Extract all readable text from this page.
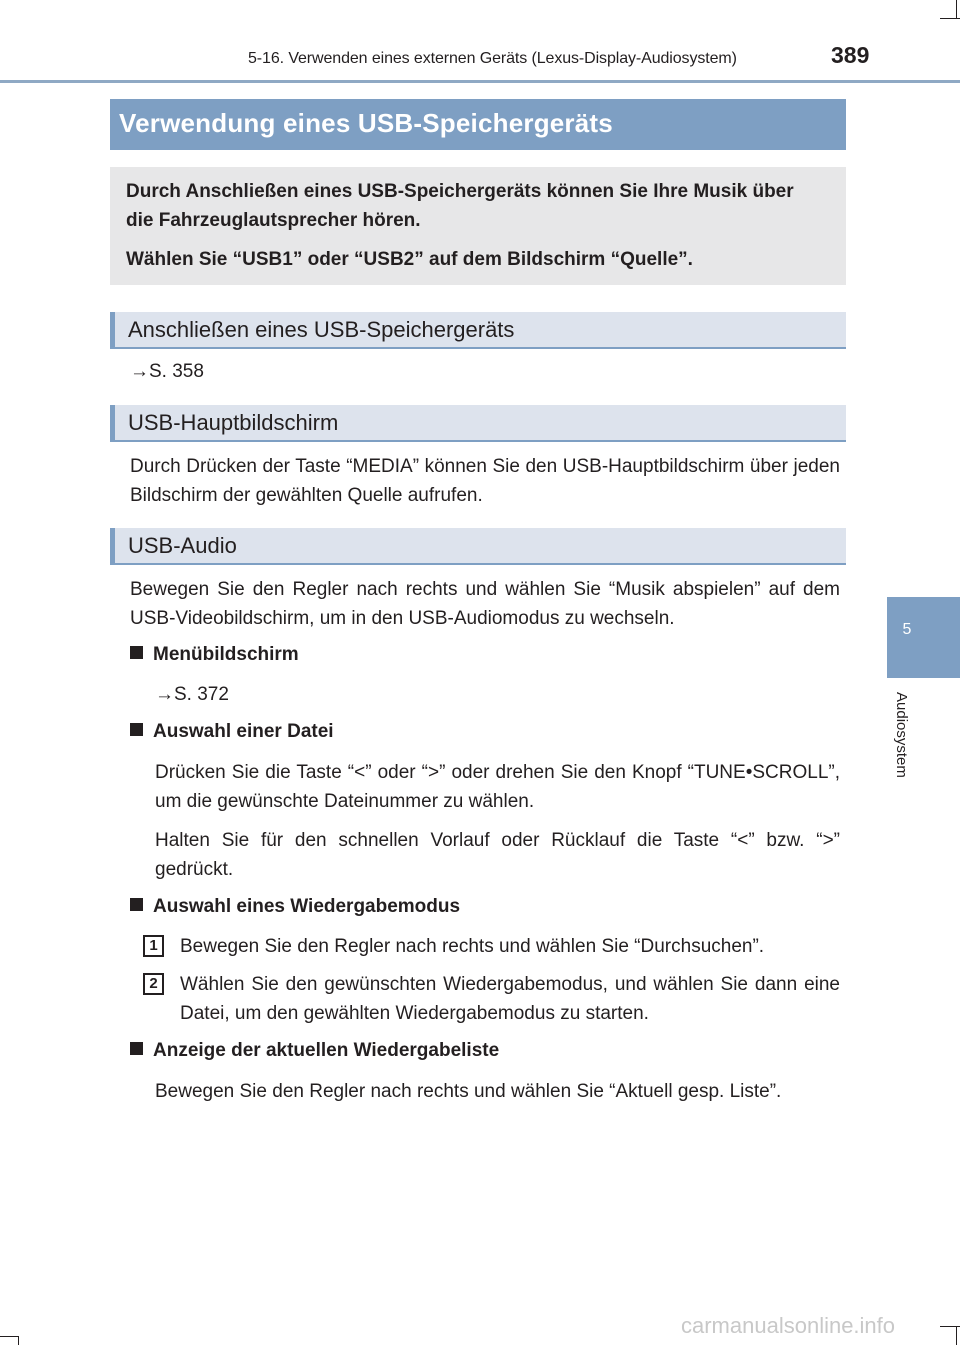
5-16. Verwenden eines externen Geräts (Lexus-Display-Audiosystem)	389
5
Audiosystem
Verwendung eines USB-Speichergeräts
Durch Anschließen eines USB-Speichergeräts können Sie Ihre Musik über
die Fahrzeuglautsprecher hören.
Wählen Sie “USB1” oder “USB2” auf dem Bildschirm “Quelle”.
Anschließen eines USB-Speichergeräts
→S. 358
USB-Hauptbildschirm
Durch Drücken der Taste “MEDIA” können Sie den USB-Hauptbildschirm über jeden Bildschirm der gewählten Quelle aufrufen.
USB-Audio
Bewegen Sie den Regler nach rechts und wählen Sie “Musik abspielen” auf dem USB-Videobildschirm, um in den USB-Audiomodus zu wechseln.
Menübildschirm
→S. 372
Auswahl einer Datei
Drücken Sie die Taste “<” oder “>” oder drehen Sie den Knopf “TUNE•SCROLL”, um die gewünschte Dateinummer zu wählen.
Halten Sie für den schnellen Vorlauf oder Rücklauf die Taste “<” bzw. “>” gedrückt.
Auswahl eines Wiedergabemodus
1	Bewegen Sie den Regler nach rechts und wählen Sie “Durchsuchen”.
2	Wählen Sie den gewünschten Wiedergabemodus, und wählen Sie dann eine Datei, um den gewählten Wiedergabemodus zu starten.
Anzeige der aktuellen Wiedergabeliste
Bewegen Sie den Regler nach rechts und wählen Sie “Aktuell gesp. Liste”.
carmanualsonline.info
